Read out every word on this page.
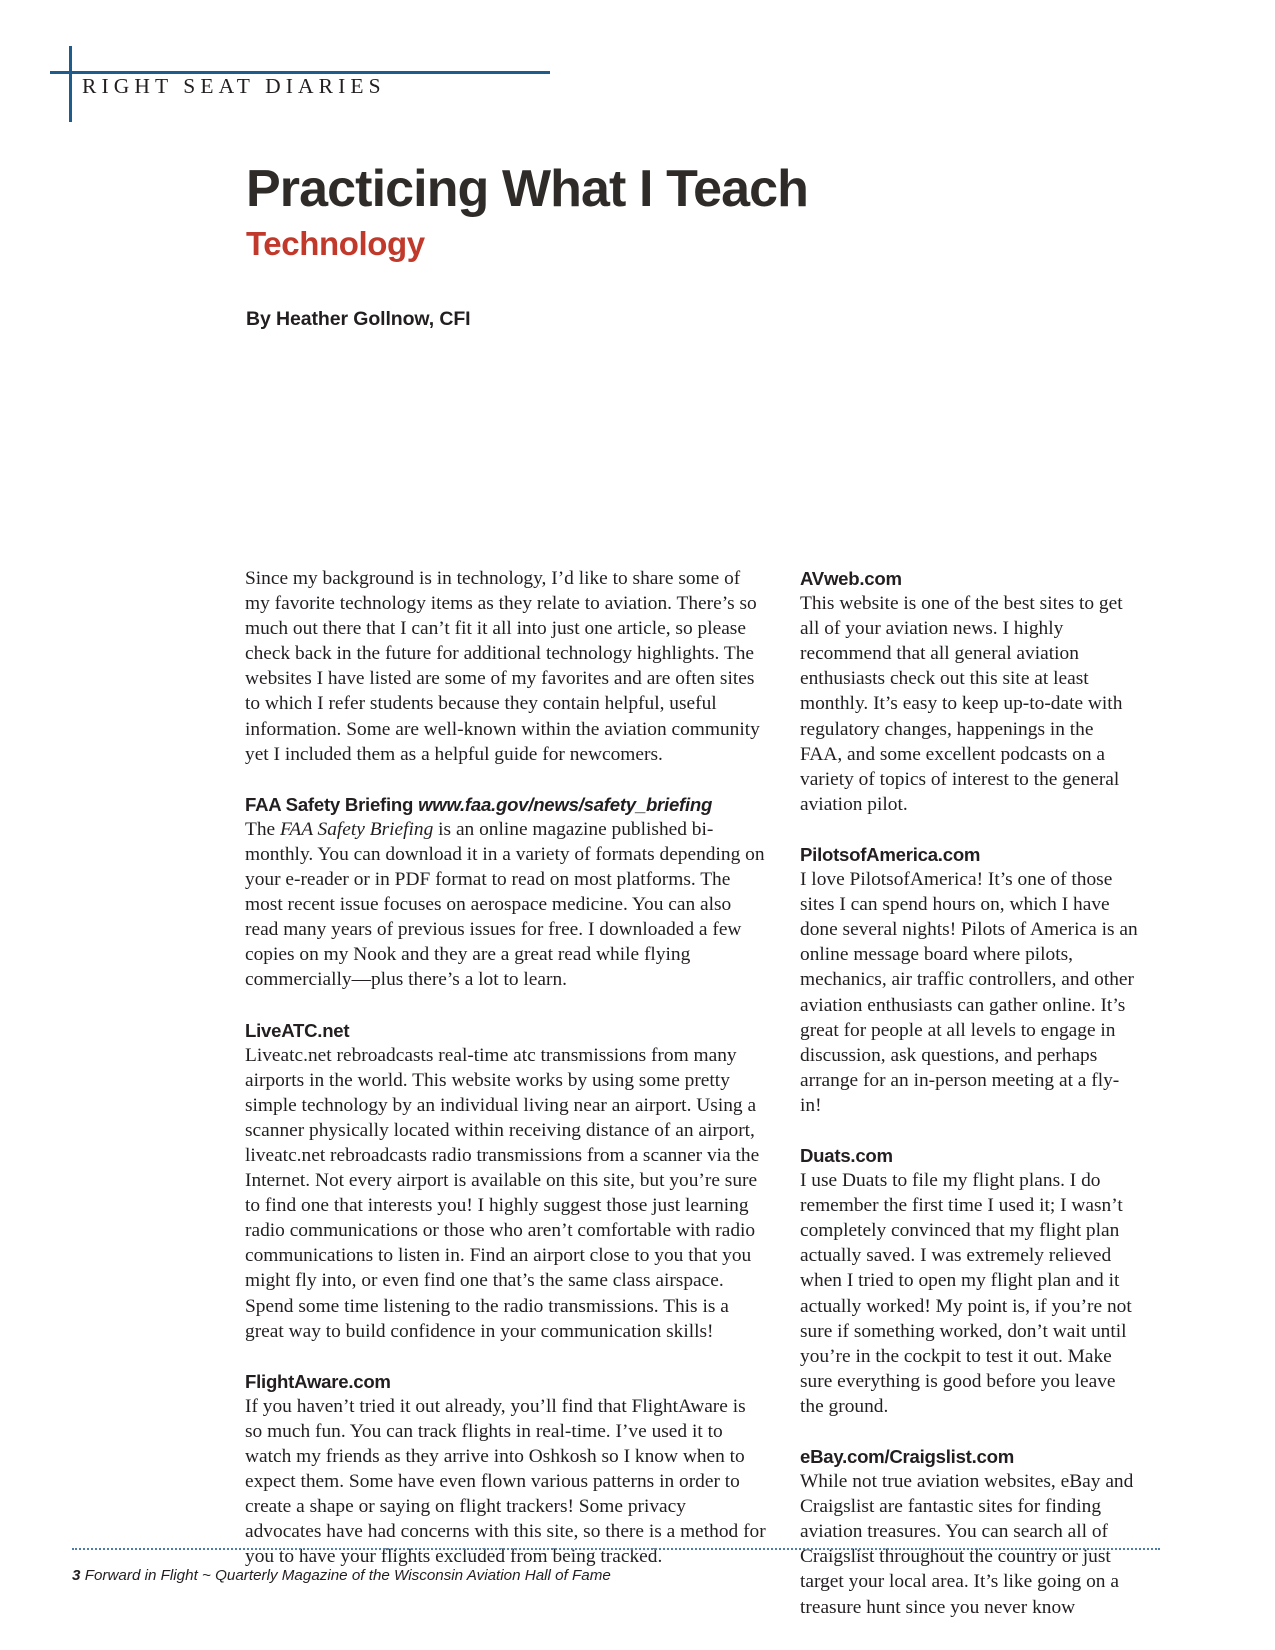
RIGHT SEAT DIARIES
Practicing What I Teach
Technology
By Heather Gollnow, CFI

Since my background is in technology, I’d like to share some of my favorite technology items as they relate to aviation. There’s so much out there that I can’t fit it all into just one article, so please check back in the future for additional technology highlights. The websites I have listed are some of my favorites and are often sites to which I refer students because they contain helpful, useful information. Some are well-known within the aviation community yet I included them as a helpful guide for newcomers.

FAA Safety Briefing www.faa.gov/news/safety_briefing

The FAA Safety Briefing is an online magazine published bi-monthly. You can download it in a variety of formats depending on your e-reader or in PDF format to read on most platforms. The most recent issue focuses on aerospace medicine. You can also read many years of previous issues for free. I downloaded a few copies on my Nook and they are a great read while flying commercially—plus there’s a lot to learn.

LiveATC.net

Liveatc.net rebroadcasts real-time atc transmissions from many airports in the world. This website works by using some pretty simple technology by an individual living near an airport. Using a scanner physically located within receiving distance of an airport, liveatc.net rebroadcasts radio transmissions from a scanner via the Internet. Not every airport is available on this site, but you’re sure to find one that interests you! I highly suggest those just learning radio communications or those who aren’t comfortable with radio communications to listen in. Find an airport close to you that you might fly into, or even find one that’s the same class airspace. Spend some time listening to the radio transmissions. This is a great way to build confidence in your communication skills!

FlightAware.com

If you haven’t tried it out already, you’ll find that FlightAware is so much fun. You can track flights in real-time. I’ve used it to watch my friends as they arrive into Oshkosh so I know when to expect them. Some have even flown various patterns in order to create a shape or saying on flight trackers! Some privacy advocates have had concerns with this site, so there is a method for you to have your flights excluded from being tracked.

AVweb.com

This website is one of the best sites to get all of your aviation news. I highly recommend that all general aviation enthusiasts check out this site at least monthly. It’s easy to keep up-to-date with regulatory changes, happenings in the FAA, and some excellent podcasts on a variety of topics of interest to the general aviation pilot.

PilotsofAmerica.com

I love PilotsofAmerica! It’s one of those sites I can spend hours on, which I have done several nights! Pilots of America is an online message board where pilots, mechanics, air traffic controllers, and other aviation enthusiasts can gather online. It’s great for people at all levels to engage in discussion, ask questions, and perhaps arrange for an in-person meeting at a fly-in!

Duats.com

I use Duats to file my flight plans. I do remember the first time I used it; I wasn’t completely convinced that my flight plan actually saved. I was extremely relieved when I tried to open my flight plan and it actually worked! My point is, if you’re not sure if something worked, don’t wait until you’re in the cockpit to test it out. Make sure everything is good before you leave the ground.

eBay.com/Craigslist.com

While not true aviation websites, eBay and Craigslist are fantastic sites for finding aviation treasures. You can search all of Craigslist throughout the country or just target your local area. It’s like going on a treasure hunt since you never know

3 Forward in Flight ~ Quarterly Magazine of the Wisconsin Aviation Hall of Fame
